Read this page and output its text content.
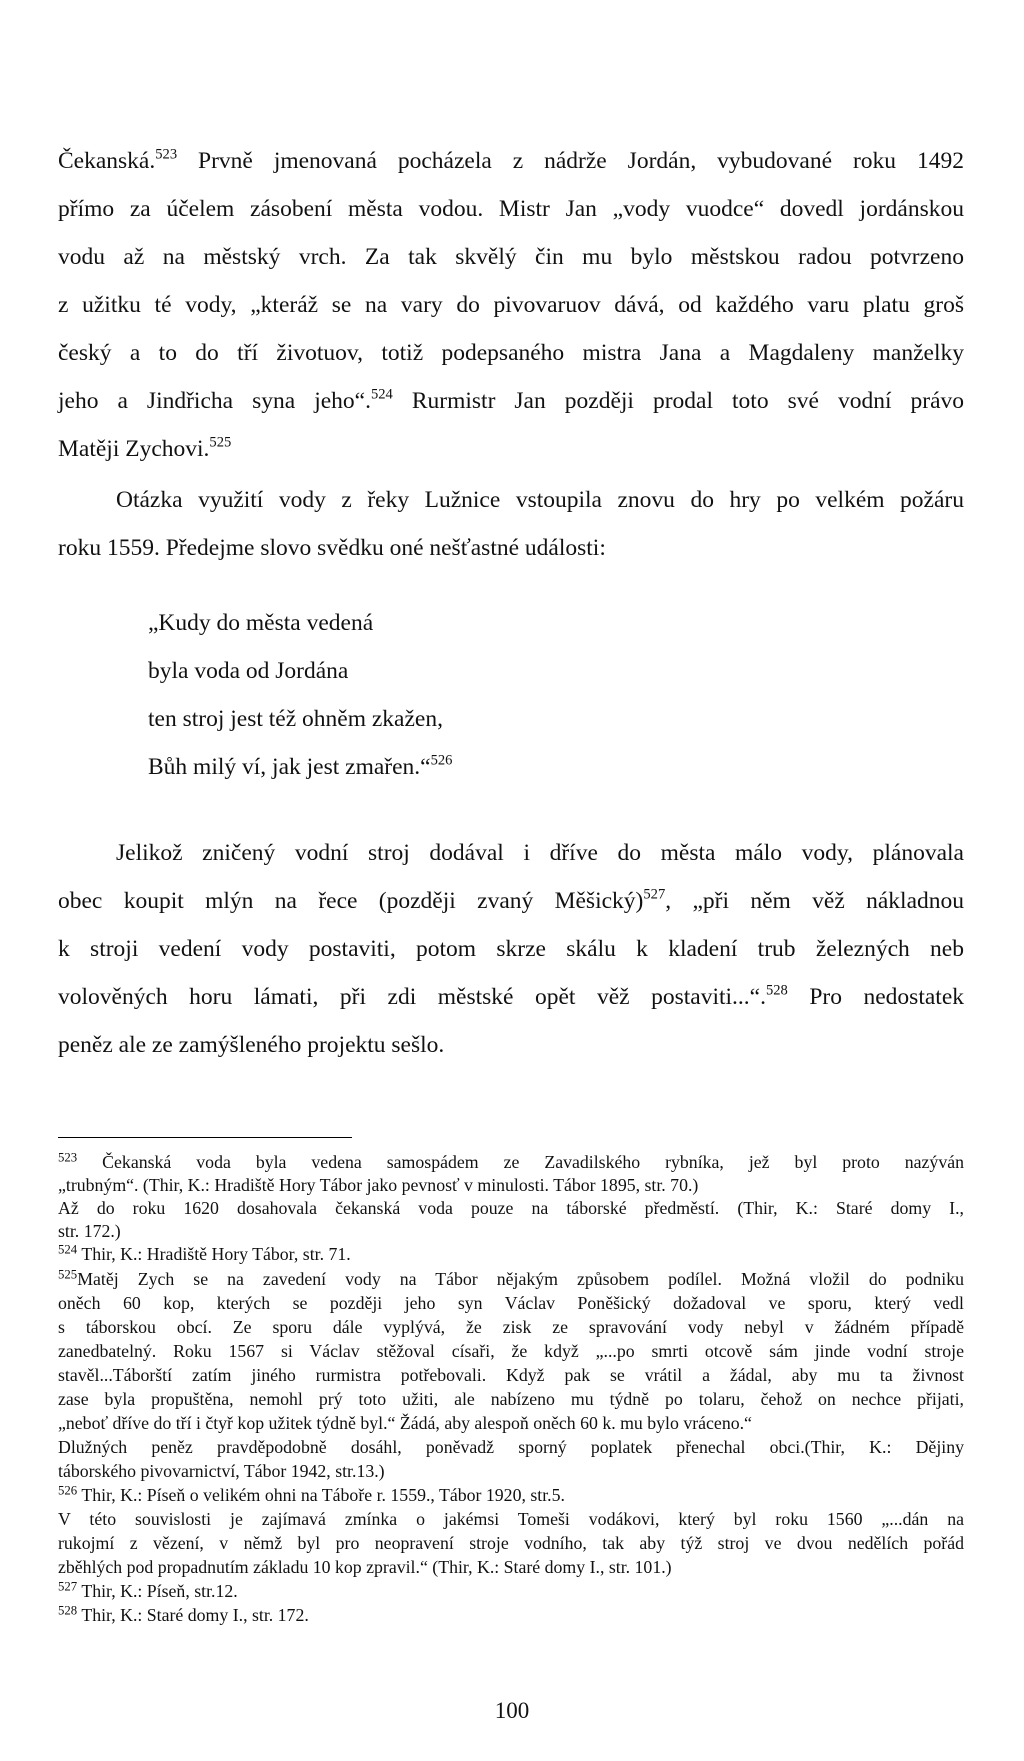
Čekanská.$^{523}$ Prvně jmenovaná pocházela z nádrže Jordán, vybudované roku 1492
přímo za účelem zásobení města vodou. Mistr Jan „vody vuodce“ dovedl jordánskou
vodu až na městský vrch. Za tak skvělý čin mu bylo městskou radou potvrzeno
z užitku té vody, „kteráž se na vary do pivovaruov dává, od každého varu platu groš
český a to do tří životuov, totiž podepsaného mistra Jana a Magdaleny manželky
jeho a Jindřicha syna jeho“.$^{524}$ Rurmistr Jan později prodal toto své vodní právo
Matěji Zychovi.$^{525}$
Otázka využití vody z řeky Lužnice vstoupila znovu do hry po velkém požáru
roku 1559. Předejme slovo svědku oné nešťastné události:
„Kudy do města vedená
byla voda od Jordána
ten stroj jest též ohněm zkažen,
Bůh milý ví, jak jest zmařen.“$^{526}$
Jelikož zničený vodní stroj dodával i dříve do města málo vody, plánovala
obec koupit mlýn na řece (později zvaný Měšický)$^{527}$, „při něm věž nákladnou
k stroji vedení vody postaviti, potom skrze skálu k kladení trub železných neb
volověných horu lámati, při zdi městské opět věž postaviti...“.$^{528}$ Pro nedostatek
peněz ale ze zamýšleného projektu sešlo.
$^{523}$ Čekanská voda byla vedena samospádem ze Zavadilského rybníka, jež byl proto nazýván
„trubným“. (Thir, K.: Hradiště Hory Tábor jako pevnosť v minulosti. Tábor 1895, str. 70.)
Až do roku 1620 dosahovala čekanská voda pouze na táborské předměstí. (Thir, K.: Staré domy I.,
str. 172.)
$^{524}$ Thir, K.: Hradiště Hory Tábor, str. 71.
$^{525}$Matěj Zych se na zavedení vody na Tábor nějakým způsobem podílel. Možná vložil do podniku
oněch 60 kop, kterých se později jeho syn Václav Poněšický dožadoval ve sporu, který vedl
s táborskou obcí. Ze sporu dále vyplývá, že zisk ze spravování vody nebyl v žádném případě
zanedbatelný. Roku 1567 si Václav stěžoval císaři, že když „...po smrti otcově sám jinde vodní stroje
stavěl...Táborští zatím jiného rurmistra potřebovali. Když pak se vrátil a žádal, aby mu ta živnost
zase byla propuštěna, nemohl prý toto užiti, ale nabízeno mu týdně po tolaru, čehož on nechce přijati,
„neboť dříve do tří i čtyř kop užitek týdně byl.“ Žádá, aby alespoň oněch 60 k. mu bylo vráceno.“
Dlužných peněz pravděpodobně dosáhl, poněvadž sporný poplatek přenechal obci.(Thir, K.: Dějiny
táborského pivovarnictví, Tábor 1942, str.13.)
$^{526}$ Thir, K.: Píseň o velikém ohni na Táboře r. 1559., Tábor 1920, str.5.
V této souvislosti je zajímavá zmínka o jakémsi Tomeši vodákovi, který byl roku 1560 „...dán na
rukojmí z vězení, v němž byl pro neopravení stroje vodního, tak aby týž stroj ve dvou nedělích pořád
zběhlých pod propadnutím základu 10 kop zpravil.“ (Thir, K.: Staré domy I., str. 101.)
$^{527}$ Thir, K.: Píseň, str.12.
$^{528}$ Thir, K.: Staré domy I., str. 172.
100
